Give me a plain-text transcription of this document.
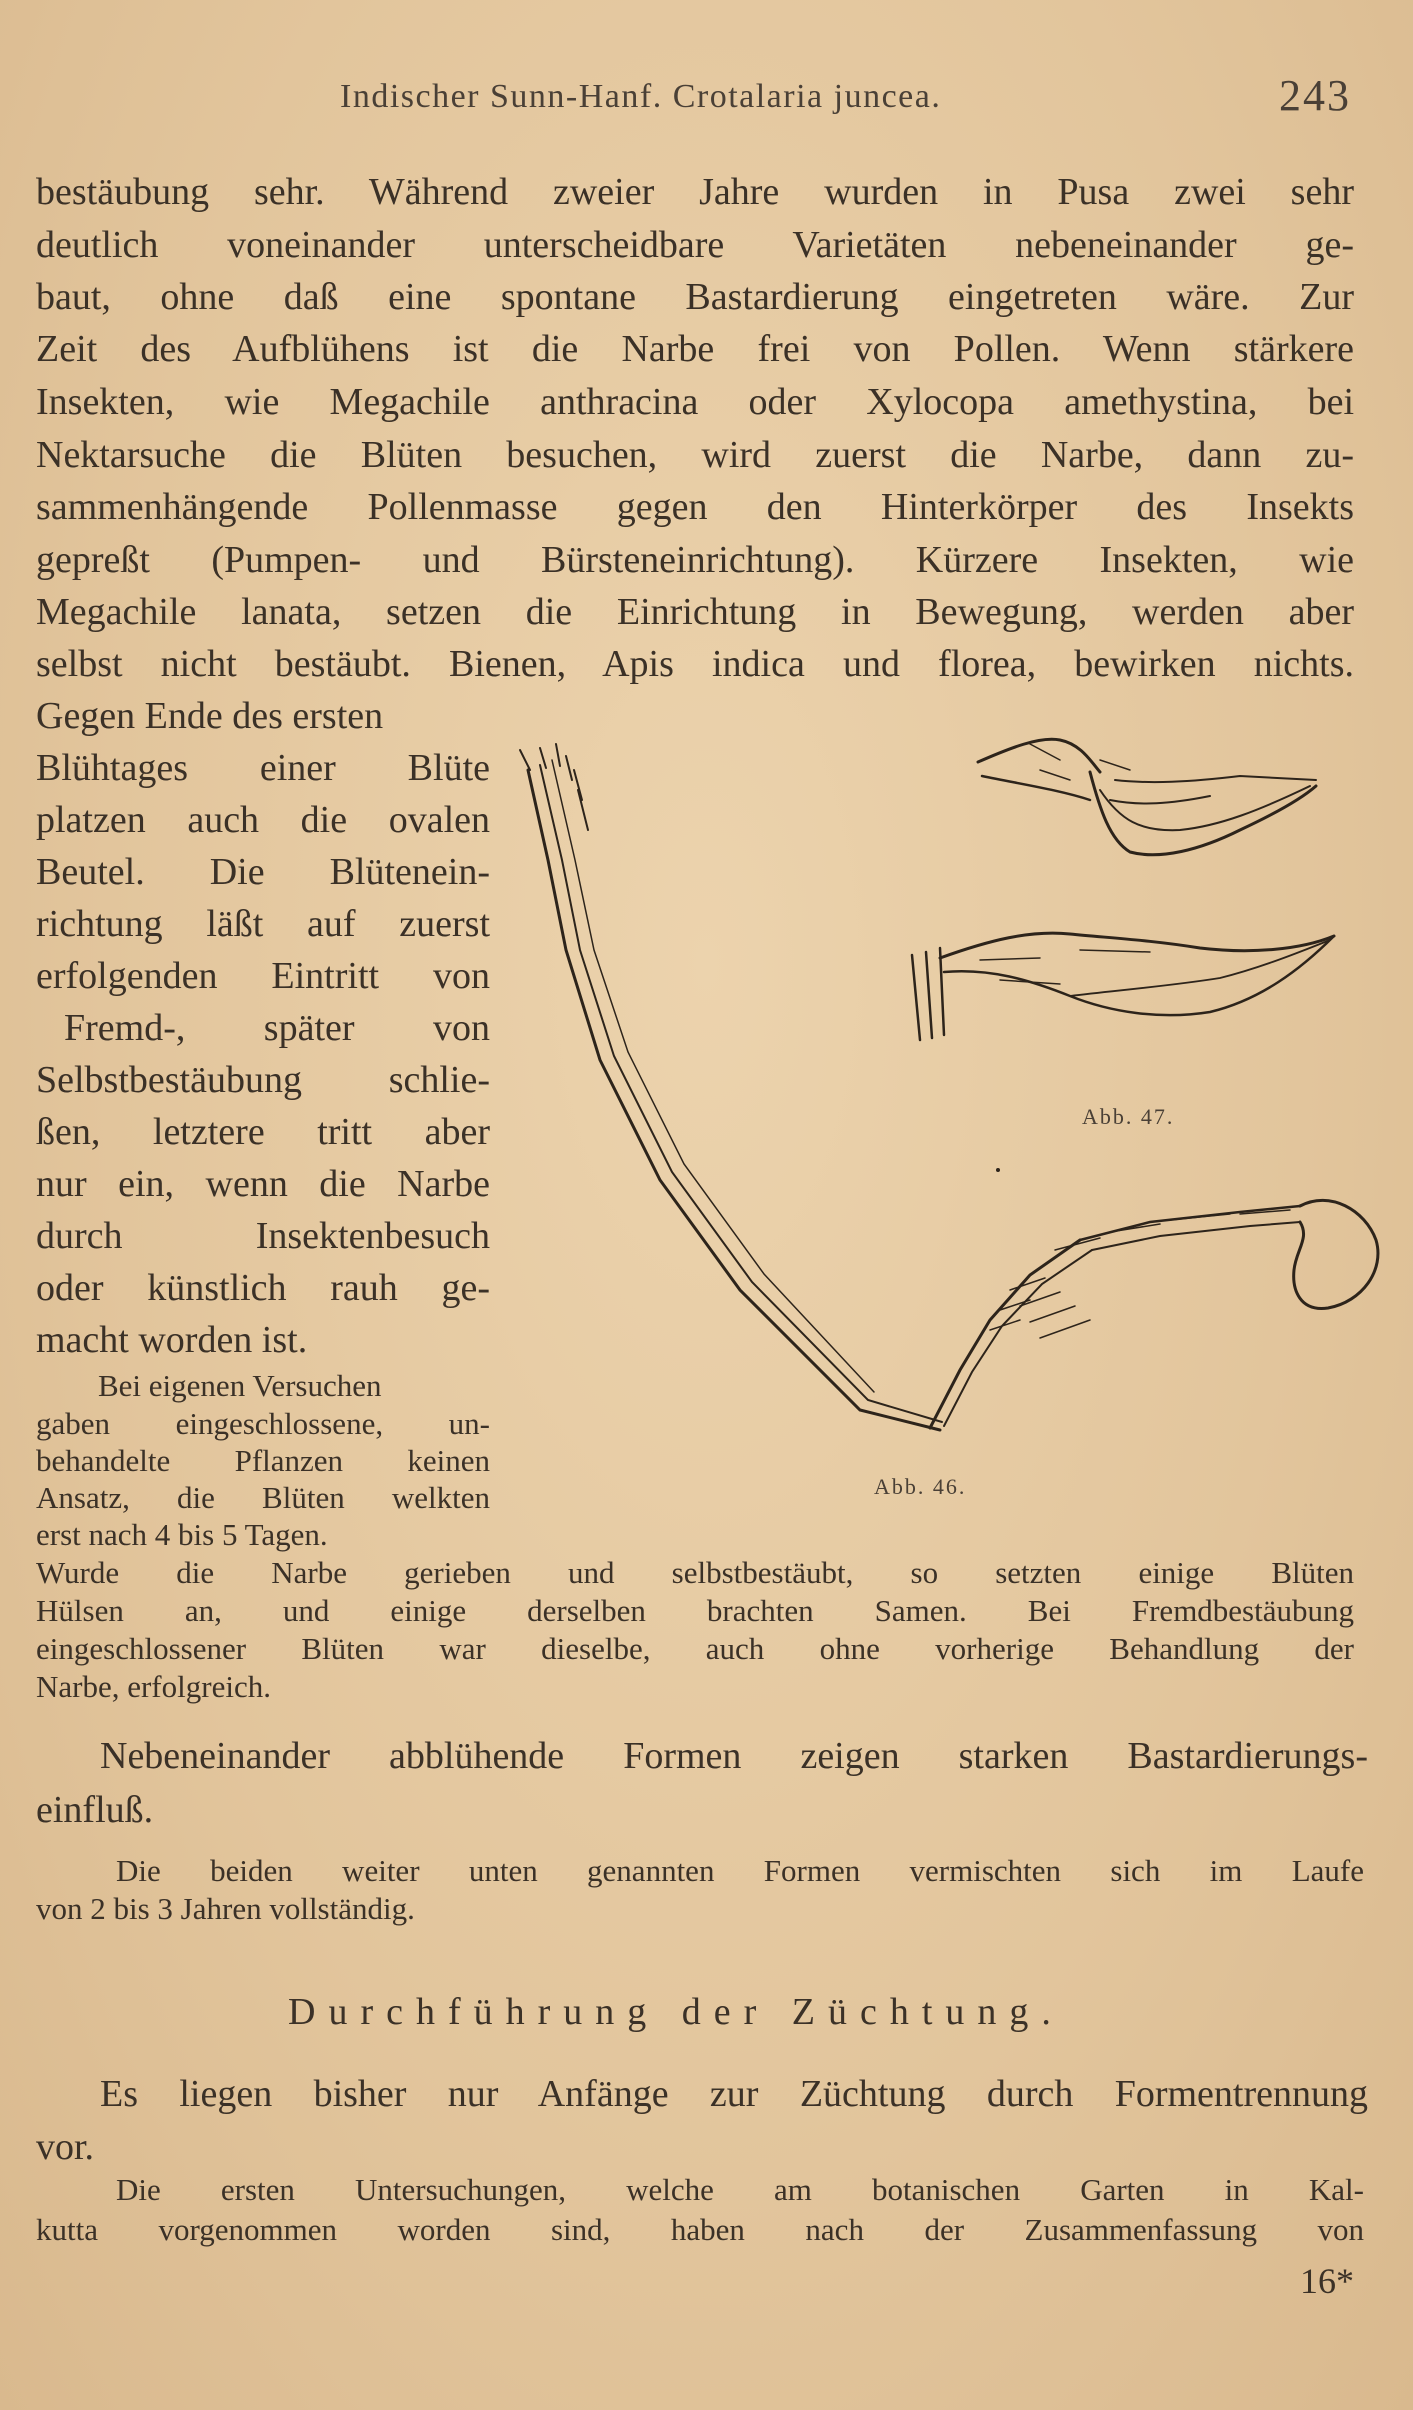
Indischer Sunn-Hanf. Crotalaria juncea.	243
bestäubung sehr. Während zweier Jahre wurden in Pusa zwei sehr
deutlich voneinander unterscheidbare Varietäten nebeneinander ge-
baut, ohne daß eine spontane Bastardierung eingetreten wäre. Zur
Zeit des Aufblühens ist die Narbe frei von Pollen. Wenn stärkere
Insekten, wie Megachile anthracina oder Xylocopa amethystina, bei
Nektarsuche die Blüten besuchen, wird zuerst die Narbe, dann zu-
sammenhängende Pollenmasse gegen den Hinterkörper des Insekts
gepreßt (Pumpen- und Bürsteneinrichtung). Kürzere Insekten, wie
Megachile lanata, setzen die Einrichtung in Bewegung, werden aber
selbst nicht bestäubt. Bienen, Apis indica und florea, bewirken nichts.
Gegen Ende des ersten
Blühtages einer Blüte
platzen auch die ovalen
Beutel. Die Blütenein-
richtung läßt auf zuerst
erfolgenden Eintritt von
Fremd-, später von
Selbstbestäubung schlie-
ßen, letztere tritt aber
nur ein, wenn die Narbe
durch Insektenbesuch
oder künstlich rauh ge-
macht worden ist.
Bei eigenen Versuchen
gaben eingeschlossene, un-
behandelte Pflanzen keinen
Ansatz, die Blüten welkten
erst nach 4 bis 5 Tagen.
Wurde die Narbe gerieben und selbstbestäubt, so setzten einige Blüten
Hülsen an, und einige derselben brachten Samen. Bei Fremdbestäubung
eingeschlossener Blüten war dieselbe, auch ohne vorherige Behandlung der
Narbe, erfolgreich.
Nebeneinander abblühende Formen zeigen starken Bastardierungs-
einfluß.
Die beiden weiter unten genannten Formen vermischten sich im Laufe
von 2 bis 3 Jahren vollständig.
Durchführung der Züchtung.
Es liegen bisher nur Anfänge zur Züchtung durch Formentrennung
vor.
Die ersten Untersuchungen, welche am botanischen Garten in Kal-
kutta vorgenommen worden sind, haben nach der Zusammenfassung von
16*
Abb. 47.
Abb. 46.
